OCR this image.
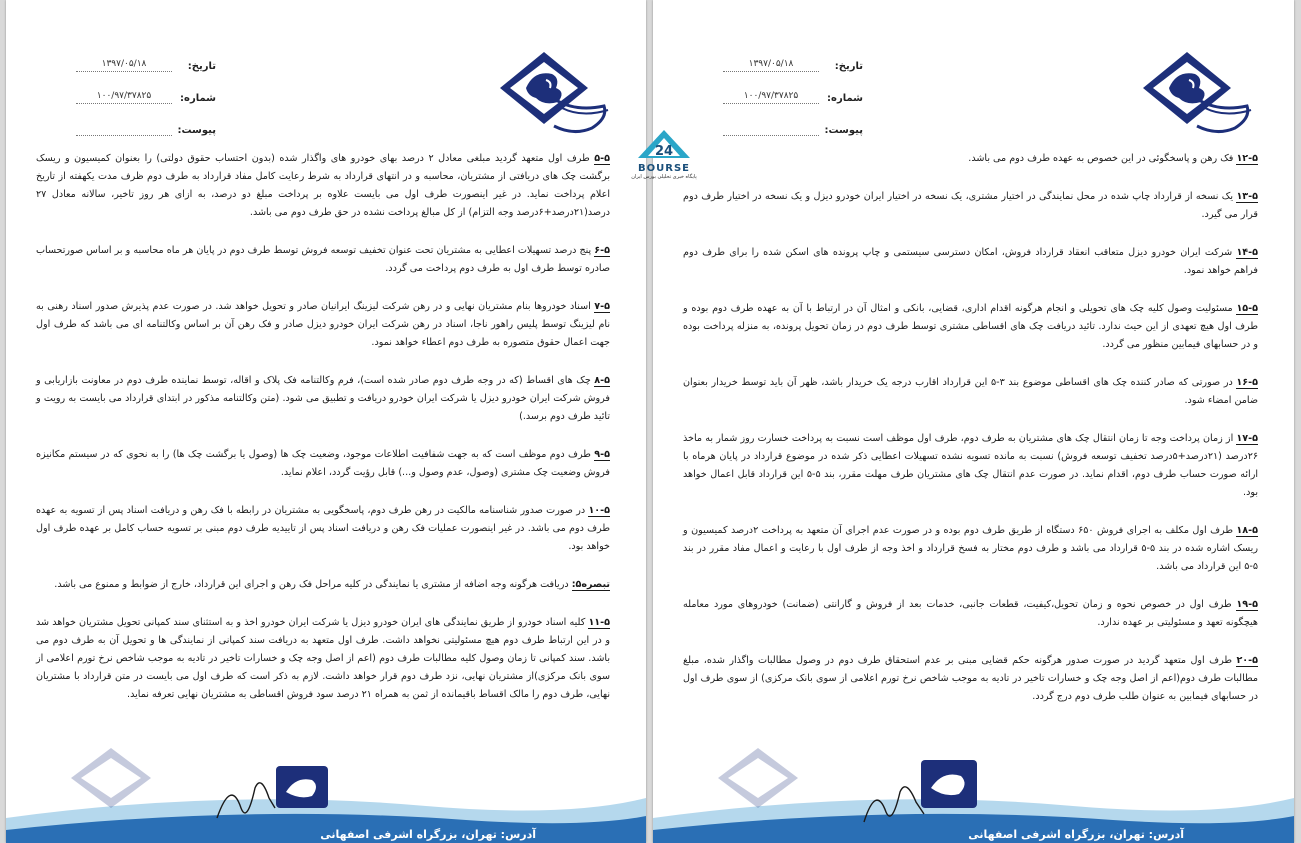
تاریخ:
۱۳۹۷/۰۵/۱۸
شماره:
۱۰۰/۹۷/۳۷۸۲۵
پیوست:

۵-۵ طرف اول متعهد گردید مبلغی معادل ۲ درصد بهای خودرو های واگذار شده (بدون احتساب حقوق دولتی) را بعنوان کمیسیون و ریسک برگشت چک های دریافتی از مشتریان، محاسبه و در انتهای قرارداد به شرط رعایت کامل مفاد قرارداد به طرف دوم ظرف مدت یکهفته از تاریخ اعلام پرداخت نماید. در غیر اینصورت طرف اول می بایست علاوه بر پرداخت مبلغ دو درصد، به ازای هر روز تاخیر، سالانه معادل ۲۷ درصد(۲۱درصد+۶درصد وجه التزام) از کل مبالغ پرداخت نشده در حق طرف دوم می باشد.

۶-۵ پنج درصد تسهیلات اعطایی به مشتریان تحت عنوان تخفیف توسعه فروش توسط طرف دوم در پایان هر ماه محاسبه و بر اساس صورتحساب صادره توسط طرف اول به طرف دوم پرداخت می گردد.

۷-۵ اسناد خودروها بنام مشتریان نهایی و در رهن شرکت لیزینگ ایرانیان صادر و تحویل خواهد شد. در صورت عدم پذیرش صدور اسناد رهنی به نام لیزینگ توسط پلیس راهور ناجا، اسناد در رهن شرکت ایران خودرو دیزل صادر و فک رهن آن بر اساس وکالتنامه ای می باشد که طرف اول جهت اعمال حقوق متصوره به طرف دوم اعطاء خواهد نمود.

۸-۵ چک های اقساط (که در وجه طرف دوم صادر شده است)، فرم وکالتنامه فک پلاک و اقاله، توسط نماینده طرف دوم در معاونت بازاریابی و فروش شرکت ایران خودرو دیزل یا شرکت ایران خودرو دریافت و تطبیق می شود. (متن وکالتنامه مذکور در ابتدای قرارداد می بایست به رویت و تائید طرف دوم برسد.)

۹-۵ طرف دوم موظف است که به جهت شفافیت اطلاعات موجود، وضعیت چک ها (وصول یا برگشت چک ها) را به نحوی که در سیستم مکانیزه فروش وضعیت چک مشتری (وصول، عدم وصول و...) قابل رؤیت گردد، اعلام نماید.

۱۰-۵ در صورت صدور شناسنامه مالکیت در رهن طرف دوم، پاسخگویی به مشتریان در رابطه با فک رهن و دریافت اسناد پس از تسویه به عهده طرف دوم می باشد. در غیر اینصورت عملیات فک رهن و دریافت اسناد پس از تاییدیه طرف دوم مبنی بر تسویه حساب کامل بر عهده طرف اول خواهد بود.

تبصره۵: دریافت هرگونه وجه اضافه از مشتری یا نمایندگی در کلیه مراحل فک رهن و اجرای این قرارداد، خارج از ضوابط و ممنوع می باشد.

۱۱-۵ کلیه اسناد خودرو از طریق نمایندگی های ایران خودرو دیزل یا شرکت ایران خودرو اخذ و به استثنای سند کمپانی تحویل مشتریان خواهد شد و در این ارتباط طرف دوم هیچ مسئولیتی نخواهد داشت. طرف اول متعهد به دریافت سند کمپانی از نمایندگی ها و تحویل آن به طرف دوم می باشد. سند کمپانی تا زمان وصول کلیه مطالبات طرف دوم (اعم از اصل وجه چک و خسارات تاخیر در تادیه به موجب شاخص نرخ تورم اعلامی از سوی بانک مرکزی)از مشتریان نهایی، نزد طرف دوم قرار خواهد داشت. لازم به ذکر است که طرف اول می بایست در متن قرارداد با مشتریان نهایی، طرف دوم را مالک اقساط باقیمانده از ثمن به همراه ۲۱ درصد سود فروش اقساطی به مشتریان نهایی تعرفه نماید.

آدرس: تهران، بزرگراه اشرفی اصفهانی
تاریخ:
۱۳۹۷/۰۵/۱۸
شماره:
۱۰۰/۹۷/۳۷۸۲۵
پیوست:

۱۲-۵ فک رهن و پاسخگوئی در این خصوص به عهده طرف دوم می باشد.

۱۳-۵ یک نسخه از قرارداد چاپ شده در محل نمایندگی در اختیار مشتری، یک نسخه در اختیار ایران خودرو دیزل و یک نسخه در اختیار طرف دوم قرار می گیرد.

۱۴-۵ شرکت ایران خودرو دیزل متعاقب انعقاد قرارداد فروش، امکان دسترسی سیستمی و چاپ پرونده های اسکن شده را برای طرف دوم فراهم خواهد نمود.

۱۵-۵ مسئولیت وصول کلیه چک های تحویلی و انجام هرگونه اقدام اداری، قضایی، بانکی و امثال آن در ارتباط با آن به عهده طرف دوم بوده و طرف اول هیچ تعهدی از این حیث ندارد. تائید دریافت چک های اقساطی مشتری توسط طرف دوم در زمان تحویل پرونده، به منزله پرداخت بوده و در حسابهای فیمابین منظور می گردد.

۱۶-۵ در صورتی که صادر کننده چک های اقساطی موضوع بند ۳-۵ این قرارداد اقارب درجه یک خریدار باشد، ظهر آن باید توسط خریدار بعنوان ضامن امضاء شود.

۱۷-۵ از زمان پرداخت وجه تا زمان انتقال چک های مشتریان به طرف دوم، طرف اول موظف است نسبت به پرداخت خسارت روز شمار به ماخذ ۲۶درصد (۲۱درصد+۵درصد تخفیف توسعه فروش) نسبت به مانده تسویه نشده تسهیلات اعطایی ذکر شده در موضوع قرارداد در پایان هرماه با ارائه صورت حساب طرف دوم، اقدام نماید. در صورت عدم انتقال چک های مشتریان طرف مهلت مقرر، بند ۵-۵ این قرارداد قابل اعمال خواهد بود.

۱۸-۵ طرف اول مکلف به اجرای فروش ۶۵۰ دستگاه از طریق طرف دوم بوده و در صورت عدم اجرای آن متعهد به پرداخت ۲درصد کمیسیون و ریسک اشاره شده در بند ۵-۵ قرارداد می باشد و طرف دوم مختار به فسخ قرارداد و اخذ وجه از طرف اول با رعایت و اعمال مفاد مقرر در بند ۵-۵ این قرارداد می باشد.

۱۹-۵ طرف اول در خصوص نحوه و زمان تحویل،کیفیت، قطعات جانبی، خدمات بعد از فروش و گارانتی (ضمانت) خودروهای مورد معامله هیچگونه تعهد و مسئولیتی بر عهده ندارد.

۲۰-۵ طرف اول متعهد گردید در صورت صدور هرگونه حکم قضایی مبنی بر عدم استحقاق طرف دوم در وصول مطالبات واگذار شده، مبلغ مطالبات طرف دوم(اعم از اصل وجه چک و خسارات تاخیر در تادیه به موجب شاخص نرخ تورم اعلامی از سوی بانک مرکزی) از سوی طرف اول در حسابهای فیمابین به عنوان طلب طرف دوم درج گردد.

آدرس: تهران، بزرگراه اشرفی اصفهانی
24
BOURSE
پایگاه خبری تحلیلی بورس ایران
